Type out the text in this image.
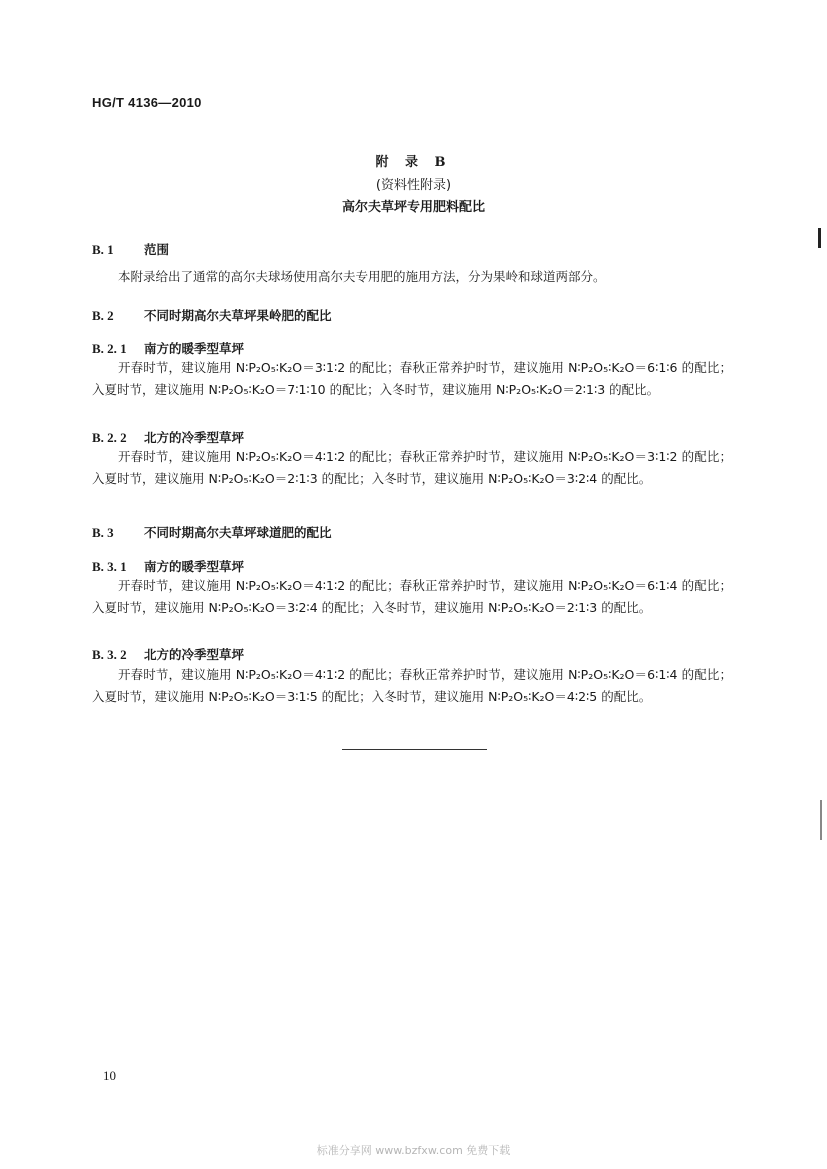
HG/T 4136—2010
附 录 B
(资料性附录)
高尔夫草坪专用肥料配比
B. 1 范围
本附录给出了通常的高尔夫球场使用高尔夫专用肥的施用方法，分为果岭和球道两部分。
B. 2 不同时期高尔夫草坪果岭肥的配比
B. 2. 1 南方的暖季型草坪
开春时节，建议施用 N∶P₂O₅∶K₂O＝3∶1∶2 的配比；春秋正常养护时节，建议施用 N∶P₂O₅∶K₂O＝6∶1∶6 的配比；入夏时节，建议施用 N∶P₂O₅∶K₂O＝7∶1∶10 的配比；入冬时节，建议施用 N∶P₂O₅∶K₂O＝2∶1∶3 的配比。
B. 2. 2 北方的冷季型草坪
开春时节，建议施用 N∶P₂O₅∶K₂O＝4∶1∶2 的配比；春秋正常养护时节，建议施用 N∶P₂O₅∶K₂O＝3∶1∶2 的配比；入夏时节，建议施用 N∶P₂O₅∶K₂O＝2∶1∶3 的配比；入冬时节，建议施用 N∶P₂O₅∶K₂O＝3∶2∶4 的配比。
B. 3 不同时期高尔夫草坪球道肥的配比
B. 3. 1 南方的暖季型草坪
开春时节，建议施用 N∶P₂O₅∶K₂O＝4∶1∶2 的配比；春秋正常养护时节，建议施用 N∶P₂O₅∶K₂O＝6∶1∶4 的配比；入夏时节，建议施用 N∶P₂O₅∶K₂O＝3∶2∶4 的配比；入冬时节，建议施用 N∶P₂O₅∶K₂O＝2∶1∶3 的配比。
B. 3. 2 北方的冷季型草坪
开春时节，建议施用 N∶P₂O₅∶K₂O＝4∶1∶2 的配比；春秋正常养护时节，建议施用 N∶P₂O₅∶K₂O＝6∶1∶4 的配比；入夏时节，建议施用 N∶P₂O₅∶K₂O＝3∶1∶5 的配比；入冬时节，建议施用 N∶P₂O₅∶K₂O＝4∶2∶5 的配比。
10
标准分享网 www.bzfxw.com 免费下载
